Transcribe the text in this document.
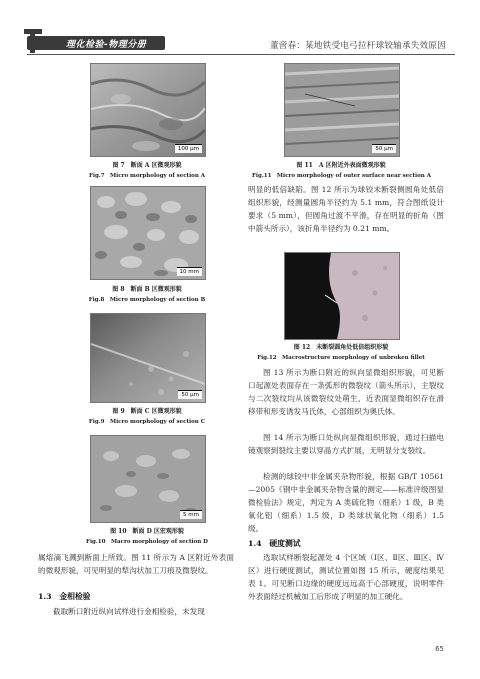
理化检验-物理分册	董啻春：某地铁受电弓拉杆球铰轴承失效原因
100 μm
图 7　断面 A 区微观形貌
Fig.7　Micro morphology of section A
10 mm
图 8　断面 B 区微观形貌
Fig.8　Micro morphology of section B
50 μm
图 9　断面 C 区微观形貌
Fig.9　Micro morphology of section C
5 mm
图 10　断面 D 区宏观形貌
Fig.10　Macro morphology of section D

属熔滴飞溅到断面上所致。图 11 所示为 A 区附近外表面的微观形貌，可见明显的犁沟状加工刀痕及微裂纹。

1.3　金相检验

截取断口附近纵向试样进行金相检验，未发现

50 μm
图 11　A 区附近外表面微观形貌
Fig.11　Micro morphology of outer surface near section A

明显的低倍缺陷。图 12 所示为球铰未断裂侧圆角处低倍组织形貌，经测量圆角半径约为 5.1 mm，符合图纸设计要求（5 mm），但圆角过渡不平滑，存在明显的折角（图中箭头所示），该折角半径约为 0.21 mm。

图 12　未断裂圆角处低倍组织形貌
Fig.12　Macrostructure morphology of unbroken fillet

图 13 所示为断口附近的纵向显微组织形貌，可见断口起源处表面存在一条弧形的微裂纹（箭头所示），主裂纹与二次裂纹均从该微裂纹处萌生，近表面显微组织存在滑移带和形变诱发马氏体，心部组织为奥氏体。

图 14 所示为断口处纵向显微组织形貌，通过扫描电镜观察到裂纹主要以穿晶方式扩展，无明显分支裂纹。

检测的球铰中非金属夹杂物形貌，根据 GB/T 10561—2005《钢中非金属夹杂物含量的测定——标准评级图显微检验法》规定，判定为 A 类硫化物（细系）1 级，B 类氧化铝（细系）1.5 级，D 类球状氧化物（细系）1.5 级。

1.4　硬度测试

选取试样断裂起源处 4 个区域（Ⅰ区、Ⅱ区、Ⅲ区、Ⅳ区）进行硬度测试，测试位置如图 15 所示，硬度结果见表 1。可见断口边缘的硬度远远高于心部硬度，说明零件外表面经过机械加工后形成了明显的加工硬化。

65
